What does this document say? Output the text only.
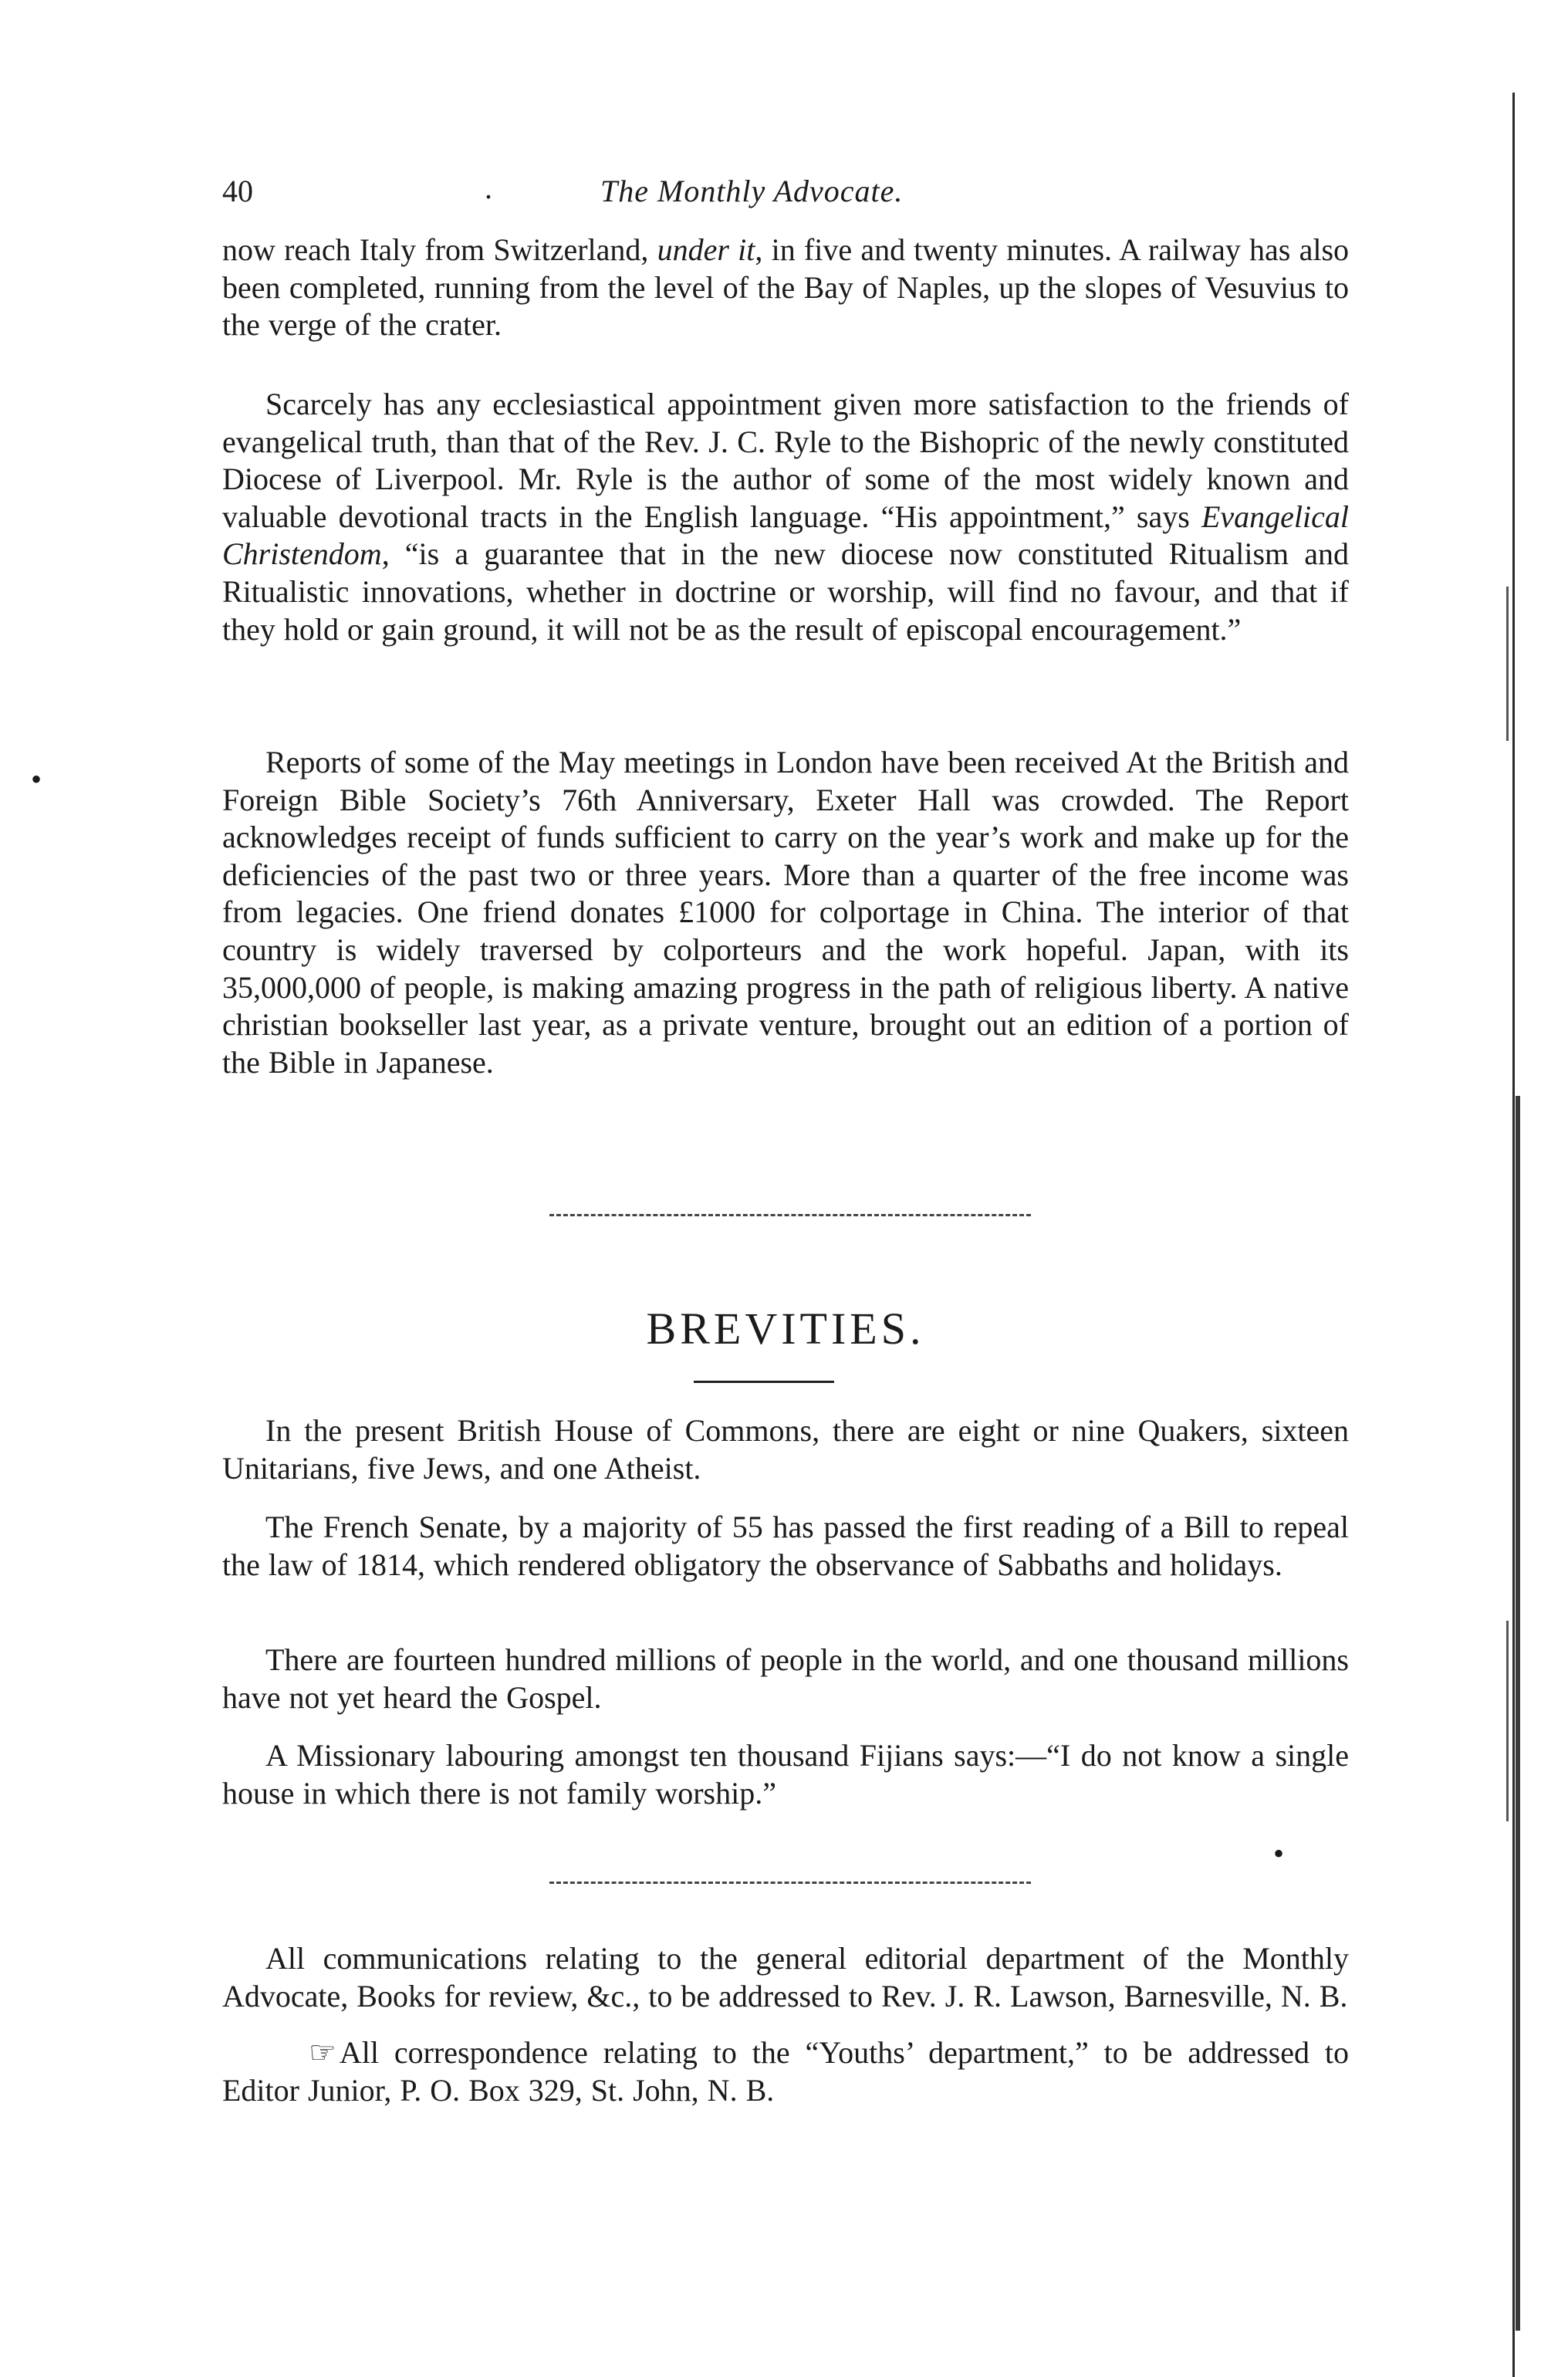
40	.	The Monthly Advocate.

now reach Italy from Switzerland, under it, in five and twenty minutes. A railway has also been completed, running from the level of the Bay of Naples, up the slopes of Vesuvius to the verge of the crater.

Scarcely has any ecclesiastical appointment given more satisfaction to the friends of evangelical truth, than that of the Rev. J. C. Ryle to the Bishopric of the newly constituted Diocese of Liverpool. Mr. Ryle is the author of some of the most widely known and valuable devotional tracts in the English language. “His appointment,” says Evangelical Christendom, “is a guarantee that in the new diocese now constituted Ritualism and Ritualistic innovations, whether in doctrine or worship, will find no favour, and that if they hold or gain ground, it will not be as the result of episcopal encouragement.”

Reports of some of the May meetings in London have been received At the British and Foreign Bible Society’s 76th Anniversary, Exeter Hall was crowded. The Report acknowledges receipt of funds sufficient to carry on the year’s work and make up for the deficiencies of the past two or three years. More than a quarter of the free income was from legacies. One friend donates £1000 for colportage in China. The interior of that country is widely traversed by colporteurs and the work hopeful. Japan, with its 35,000,000 of people, is making amazing progress in the path of religious liberty. A native christian bookseller last year, as a private venture, brought out an edition of a portion of the Bible in Japanese.

BREVITIES.

In the present British House of Commons, there are eight or nine Quakers, sixteen Unitarians, five Jews, and one Atheist.

The French Senate, by a majority of 55 has passed the first reading of a Bill to repeal the law of 1814, which rendered obligatory the observance of Sabbaths and holidays.

There are fourteen hundred millions of people in the world, and one thousand millions have not yet heard the Gospel.

A Missionary labouring amongst ten thousand Fijians says:—“I do not know a single house in which there is not family worship.”

All communications relating to the general editorial department of the Monthly Advocate, Books for review, &c., to be addressed to Rev. J. R. Lawson, Barnesville, N. B.

☞ All correspondence relating to the “Youths’ department,” to be addressed to Editor Junior, P. O. Box 329, St. John, N. B.

•
•
